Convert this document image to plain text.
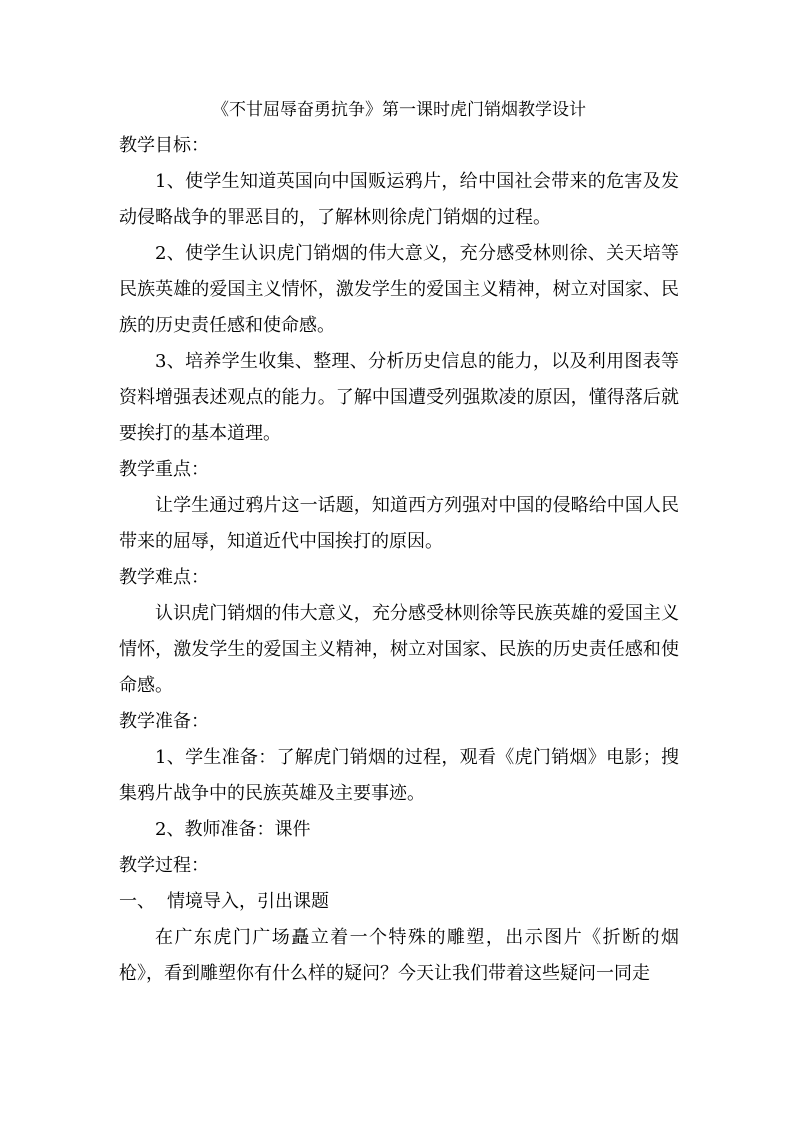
《不甘屈辱奋勇抗争》第一课时虎门销烟教学设计
教学目标：

1、使学生知道英国向中国贩运鸦片，给中国社会带来的危害及发动侵略战争的罪恶目的，了解林则徐虎门销烟的过程。

2、使学生认识虎门销烟的伟大意义，充分感受林则徐、关天培等民族英雄的爱国主义情怀，激发学生的爱国主义精神，树立对国家、民族的历史责任感和使命感。

3、培养学生收集、整理、分析历史信息的能力，以及利用图表等资料增强表述观点的能力。了解中国遭受列强欺凌的原因，懂得落后就要挨打的基本道理。

教学重点：

让学生通过鸦片这一话题，知道西方列强对中国的侵略给中国人民带来的屈辱，知道近代中国挨打的原因。

教学难点：

认识虎门销烟的伟大意义，充分感受林则徐等民族英雄的爱国主义情怀，激发学生的爱国主义精神，树立对国家、民族的历史责任感和使命感。

教学准备：

1、学生准备：了解虎门销烟的过程，观看《虎门销烟》电影；搜集鸦片战争中的民族英雄及主要事迹。

2、教师准备：课件

教学过程：
一、 情境导入，引出课题

在广东虎门广场矗立着一个特殊的雕塑，出示图片《折断的烟枪》，看到雕塑你有什么样的疑问？今天让我们带着这些疑问一同走
